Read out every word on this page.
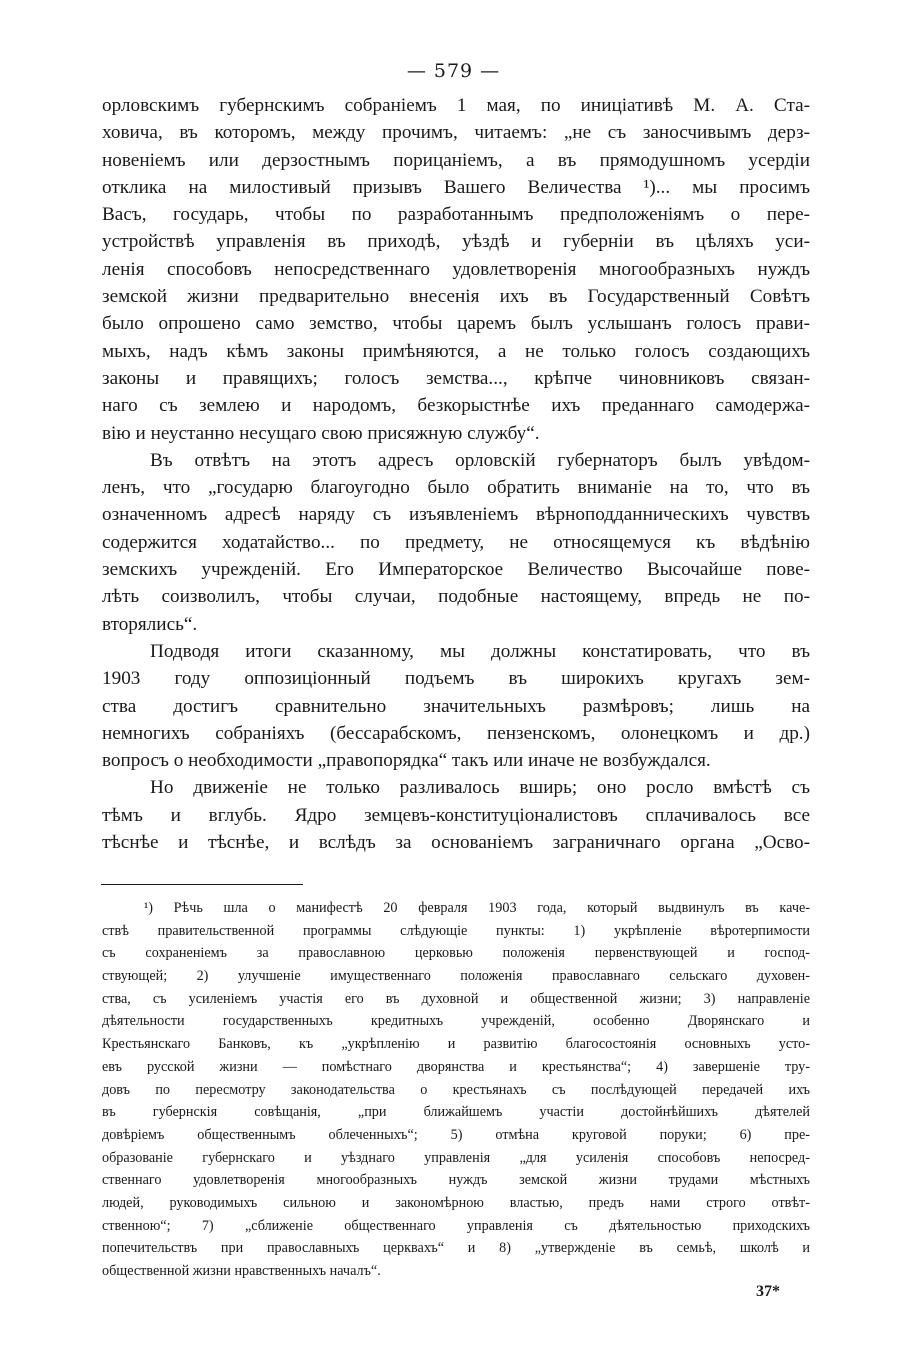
— 579 —
орловскимъ губернскимъ собраніемъ 1 мая, по иниціативѣ М. А. Ста-
ховича, въ которомъ, между прочимъ, читаемъ: „не съ заносчивымъ дерз-
новеніемъ или дерзостнымъ порицаніемъ, а въ прямодушномъ усердіи
отклика на милостивый призывъ Вашего Величества ¹)... мы просимъ
Васъ, государь, чтобы по разработаннымъ предположеніямъ о пере-
устройствѣ управленія въ приходѣ, уѣздѣ и губерніи въ цѣляхъ уси-
ленія способовъ непосредственнаго удовлетворенія многообразныхъ нуждъ
земской жизни предварительно внесенія ихъ въ Государственный Совѣтъ
было опрошено само земство, чтобы царемъ былъ услышанъ голосъ прави-
мыхъ, надъ кѣмъ законы примѣняются, а не только голосъ создающихъ
законы и правящихъ; голосъ земства..., крѣпче чиновниковъ связан-
наго съ землею и народомъ, безкорыстнѣе ихъ преданнаго самодержа-
вію и неустанно несущаго свою присяжную службу“.
Въ отвѣтъ на этотъ адресъ орловскій губернаторъ былъ увѣдом-
ленъ, что „государю благоугодно было обратить вниманіе на то, что въ
означенномъ адресѣ наряду съ изъявленіемъ вѣрноподданническихъ чувствъ
содержится ходатайство... по предмету, не относящемуся къ вѣдѣнію
земскихъ учрежденій. Его Императорское Величество Высочайше пове-
лѣть соизволилъ, чтобы случаи, подобные настоящему, впредь не по-
вторялись“.
Подводя итоги сказанному, мы должны констатировать, что въ
1903 году оппозиціонный подъемъ въ широкихъ кругахъ зем-
ства достигъ сравнительно значительныхъ размѣровъ; лишь на
немногихъ собраніяхъ (бессарабскомъ, пензенскомъ, олонецкомъ и др.)
вопросъ о необходимости „правопорядка“ такъ или иначе не возбуждался.
Но движеніе не только разливалось вширь; оно росло вмѣстѣ съ
тѣмъ и вглубь. Ядро земцевъ-конституціоналистовъ сплачивалось все
тѣснѣе и тѣснѣе, и вслѣдъ за основаніемъ заграничнаго органа „Осво-
¹) Рѣчь шла о манифестѣ 20 февраля 1903 года, который выдвинулъ въ каче-
ствѣ правительственной программы слѣдующіе пункты: 1) укрѣпленіе вѣротерпимости
съ сохраненіемъ за православною церковью положенія первенствующей и господ-
ствующей; 2) улучшеніе имущественнаго положенія православнаго сельскаго духовен-
ства, съ усиленіемъ участія его въ духовной и общественной жизни; 3) направленіе
дѣятельности государственныхъ кредитныхъ учрежденій, особенно Дворянскаго и
Крестьянскаго Банковъ, къ „укрѣпленію и развитію благосостоянія основныхъ усто-
евъ русской жизни — помѣстнаго дворянства и крестьянства“; 4) завершеніе тру-
довъ по пересмотру законодательства о крестьянахъ съ послѣдующей передачей ихъ
въ губернскія совѣщанія, „при ближайшемъ участіи достойнѣйшихъ дѣятелей
довѣріемъ общественнымъ облеченныхъ“; 5) отмѣна круговой поруки; 6) пре-
образованіе губернскаго и уѣзднаго управленія „для усиленія способовъ непосред-
ственнаго удовлетворенія многообразныхъ нуждъ земской жизни трудами мѣстныхъ
людей, руководимыхъ сильною и закономѣрною властью, предъ нами строго отвѣт-
ственною“; 7) „сближеніе общественнаго управленія съ дѣятельностью приходскихъ
попечительствъ при православныхъ церквахъ“ и 8) „утвержденіе въ семьѣ, школѣ и
общественной жизни нравственныхъ началъ“.
37*
